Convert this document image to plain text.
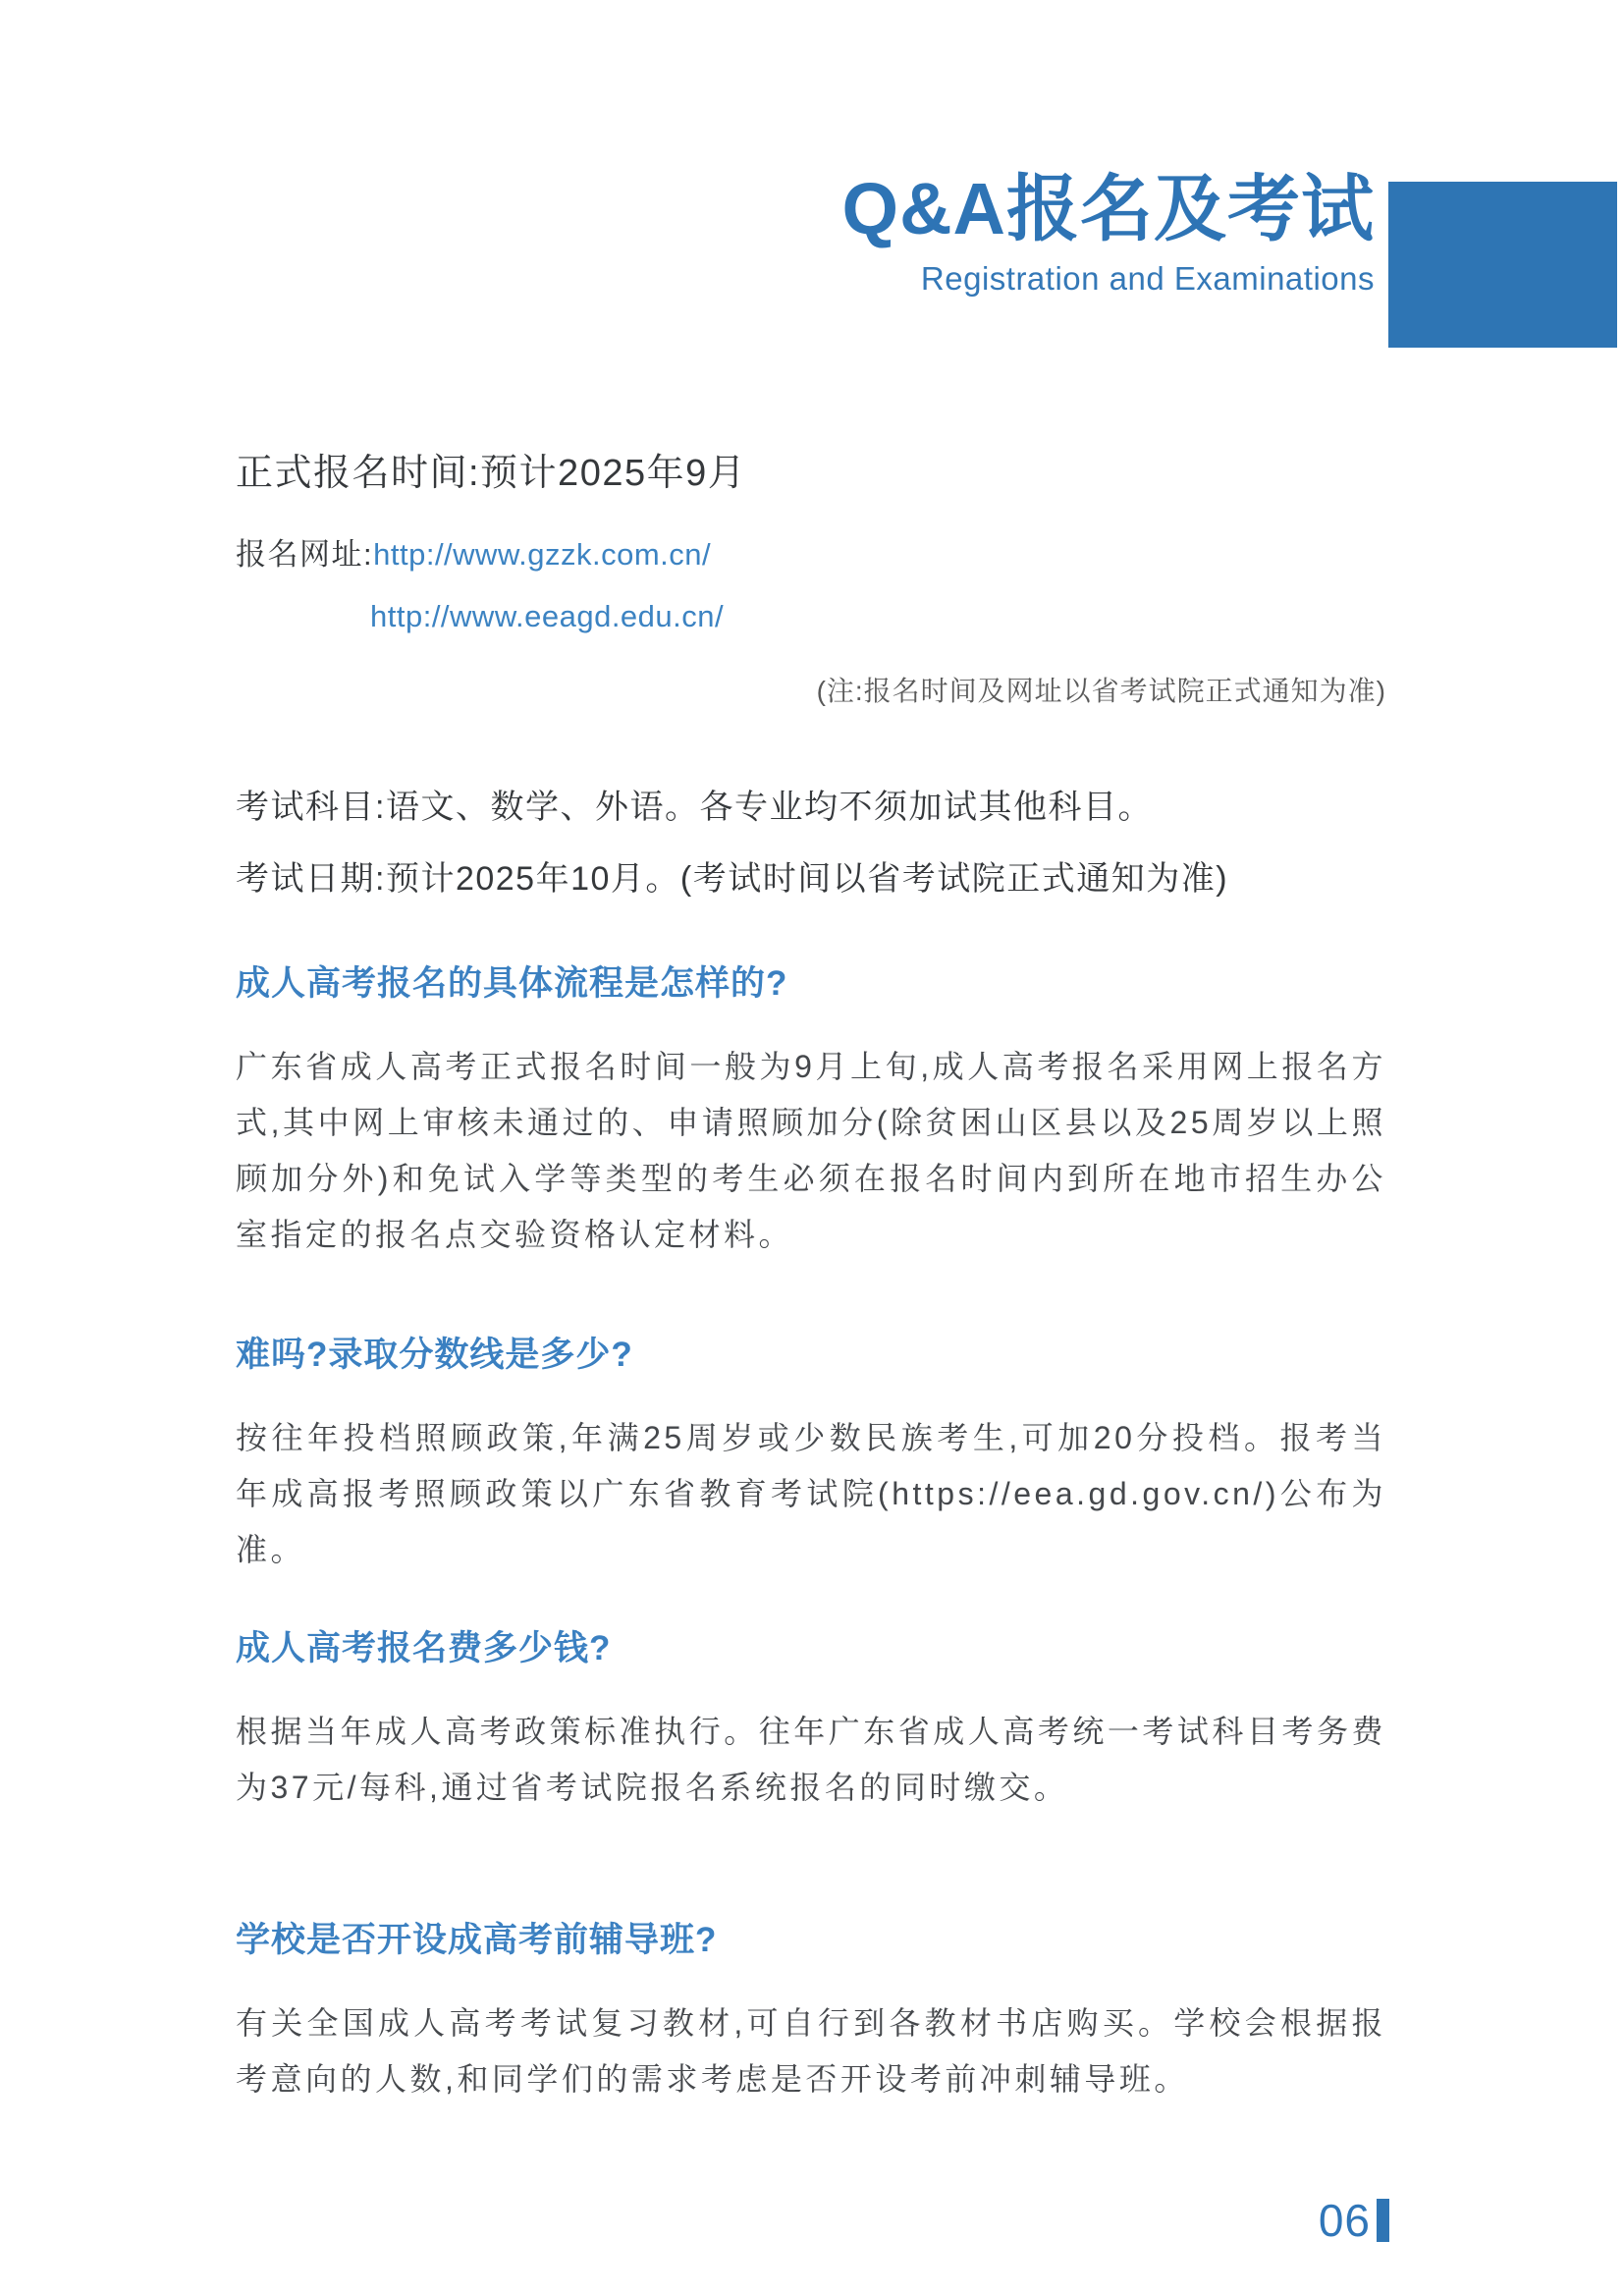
Q&A报名及考试
Registration and Examinations
正式报名时间:预计2025年9月
报名网址:http://www.gzzk.com.cn/
http://www.eeagd.edu.cn/
(注:报名时间及网址以省考试院正式通知为准)
考试科目:语文、数学、外语。各专业均不须加试其他科目。
考试日期:预计2025年10月。(考试时间以省考试院正式通知为准)
成人高考报名的具体流程是怎样的?
广东省成人高考正式报名时间一般为9月上旬,成人高考报名采用网上报名方式,其中网上审核未通过的、申请照顾加分(除贫困山区县以及25周岁以上照顾加分外)和免试入学等类型的考生必须在报名时间内到所在地市招生办公室指定的报名点交验资格认定材料。
难吗?录取分数线是多少?
按往年投档照顾政策,年满25周岁或少数民族考生,可加20分投档。报考当年成高报考照顾政策以广东省教育考试院(https://eea.gd.gov.cn/)公布为准。
成人高考报名费多少钱?
根据当年成人高考政策标准执行。往年广东省成人高考统一考试科目考务费为37元/每科,通过省考试院报名系统报名的同时缴交。
学校是否开设成高考前辅导班?
有关全国成人高考考试复习教材,可自行到各教材书店购买。学校会根据报考意向的人数,和同学们的需求考虑是否开设考前冲刺辅导班。
06
